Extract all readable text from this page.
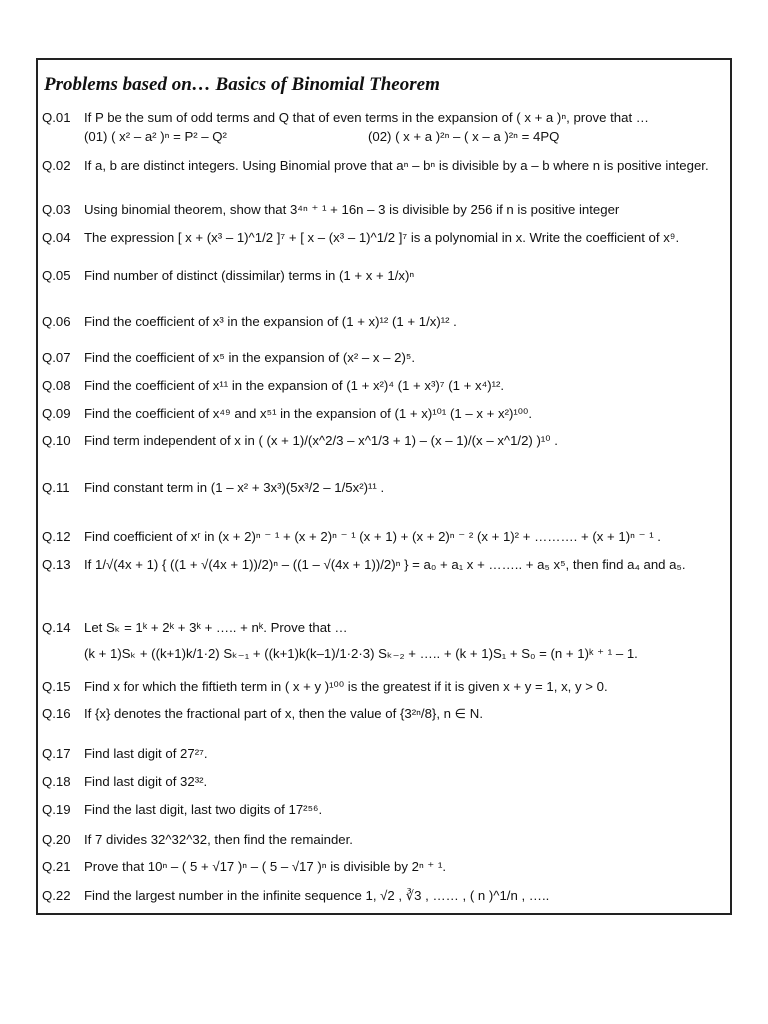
Problems based on… Basics of Binomial Theorem
Q.01 If P be the sum of odd terms and Q that of even terms in the expansion of ( x + a )ⁿ, prove that …
Q.02 If a, b are distinct integers. Using Binomial prove that aⁿ – bⁿ is divisible by a – b where n is positive integer.
Q.03 Using binomial theorem, show that 3⁴ⁿ ⁺ ¹ + 16n – 3 is divisible by 256 if n is positive integer
Q.04 The expression [ x + (x³ – 1)^1/2 ]⁷ + [ x – (x³ – 1)^1/2 ]⁷ is a polynomial in x. Write the coefficient of x⁹.
Q.05 Find number of distinct (dissimilar) terms in (1 + x + 1/x)ⁿ
Q.06 Find the coefficient of x³ in the expansion of (1 + x)¹² (1 + 1/x)¹² .
Q.07 Find the coefficient of x⁵ in the expansion of (x² – x – 2)⁵.
Q.08 Find the coefficient of x¹¹ in the expansion of (1 + x²)⁴ (1 + x³)⁷ (1 + x⁴)¹².
Q.09 Find the coefficient of x⁴⁹ and x⁵¹ in the expansion of (1 + x)¹⁰¹ (1 – x + x²)¹⁰⁰.
Q.10 Find term independent of x in ( (x + 1)/(x^2/3 – x^1/3 + 1) – (x – 1)/(x – x^1/2) )¹⁰ .
Q.11 Find constant term in (1 – x² + 3x³)(5x³/2 – 1/5x²)¹¹ .
Q.12 Find coefficient of xʳ in (x + 2)ⁿ ⁻ ¹ + (x + 2)ⁿ ⁻ ¹ (x + 1) + (x + 2)ⁿ ⁻ ² (x + 1)² + ………. + (x + 1)ⁿ ⁻ ¹ .
Q.13 If 1/√(4x + 1) { ((1 + √(4x + 1))/2)ⁿ – ((1 – √(4x + 1))/2)ⁿ } = a₀ + a₁ x + …….. + a₅ x⁵, then find a₄ and a₅.
Q.14 Let Sₖ = 1ᵏ + 2ᵏ + 3ᵏ + ….. + nᵏ. Prove that …
Q.15 Find x for which the fiftieth term in ( x + y )¹⁰⁰ is the greatest if it is given x + y = 1, x, y > 0.
Q.16 If {x} denotes the fractional part of x, then the value of {3²ⁿ/8}, n ∈ N.
Q.17 Find last digit of 27²⁷.
Q.18 Find last digit of 32³².
Q.19 Find the last digit, last two digits of 17²⁵⁶.
Q.20 If 7 divides 32^32^32, then find the remainder.
Q.21 Prove that 10ⁿ – ( 5 + √17 )ⁿ – ( 5 – √17 )ⁿ is divisible by 2ⁿ ⁺ ¹.
Q.22 Find the largest number in the infinite sequence 1, √2 , ∛3 , …… , ( n )^1/n , …..
(01) ( x² – a² )ⁿ = P² – Q²	(02) ( x + a )²ⁿ – ( x – a )²ⁿ = 4PQ
(k + 1)Sₖ + ((k+1)k/1·2) Sₖ₋₁ + ((k+1)k(k–1)/1·2·3) Sₖ₋₂ + ….. + (k + 1)S₁ + S₀ = (n + 1)ᵏ ⁺ ¹ – 1.
